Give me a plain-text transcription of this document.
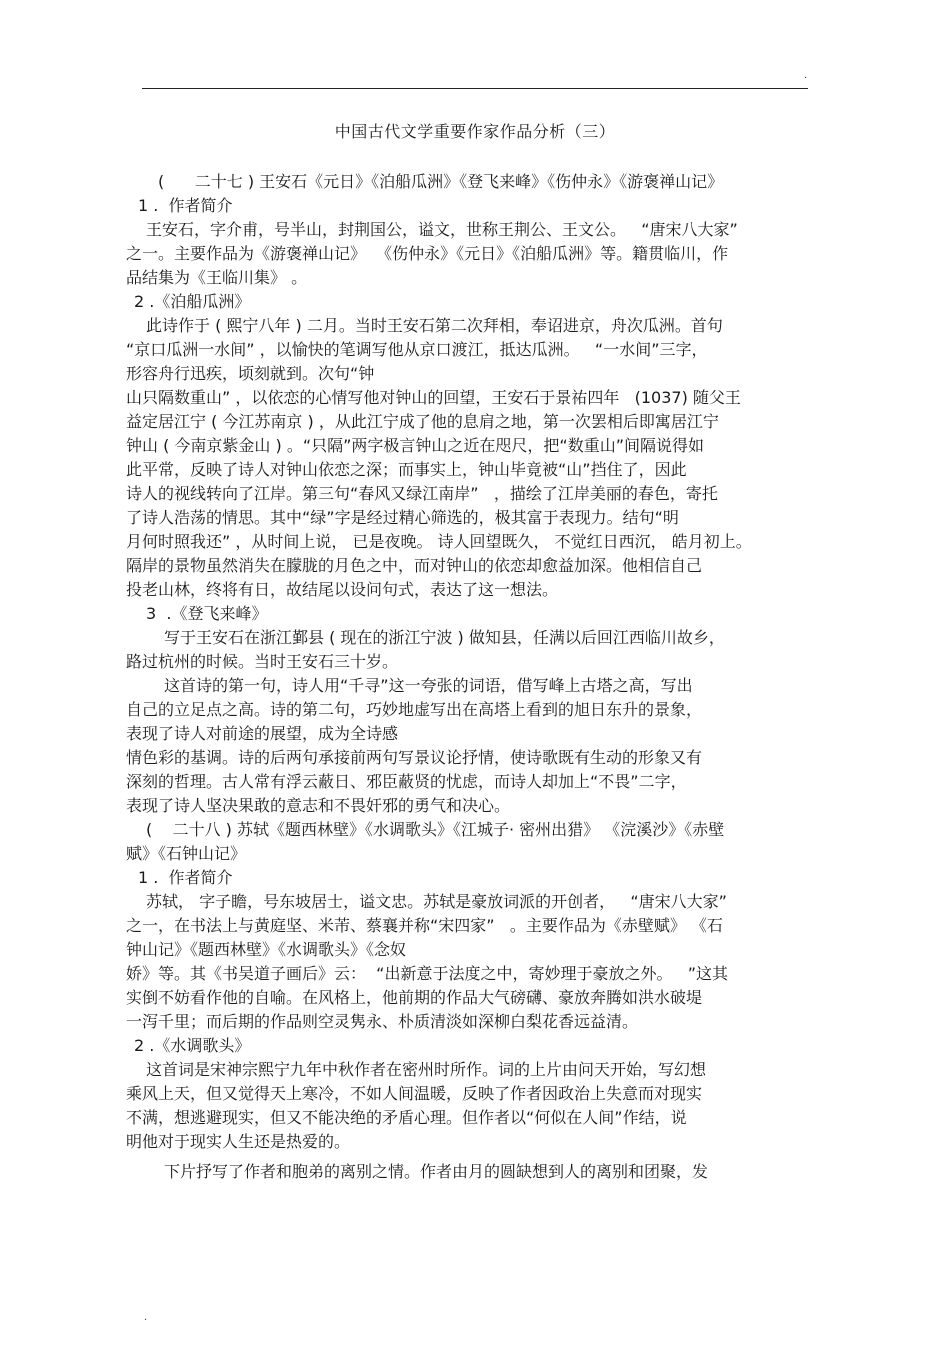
.
中国古代文学重要作家作品分析（三）
(      二十七 ) 王安石《元日》《泊船瓜洲》《登飞来峰》《伤仲永》《游褒禅山记》
1 .  作者简介
王安石，字介甫，号半山，封荆国公，谥文，世称王荆公、王文公。   “唐宋八大家”
之一。主要作品为《游褒禅山记》  《伤仲永》《元日》《泊船瓜洲》等。籍贯临川，作
品结集为《王临川集》 。
2 .《泊船瓜洲》
此诗作于 ( 熙宁八年 ) 二月。当时王安石第二次拜相，奉诏进京，舟次瓜洲。首句
“京口瓜洲一水间” ，以愉快的笔调写他从京口渡江，抵达瓜洲。   “一水间”三字，
形容舟行迅疾，顷刻就到。次句“钟
山只隔数重山” ，以依恋的心情写他对钟山的回望，王安石于景祐四年   (1037) 随父王
益定居江宁 ( 今江苏南京 ) ，从此江宁成了他的息肩之地，第一次罢相后即寓居江宁
钟山 ( 今南京紫金山 ) 。“只隔”两字极言钟山之近在咫尺，把“数重山”间隔说得如
此平常，反映了诗人对钟山依恋之深；而事实上，钟山毕竟被“山”挡住了，因此
诗人的视线转向了江岸。第三句“春风又绿江南岸”   ，描绘了江岸美丽的春色，寄托
了诗人浩荡的情思。其中“绿”字是经过精心筛选的，极其富于表现力。结句“明
月何时照我还” ，从时间上说， 已是夜晚。 诗人回望既久， 不觉红日西沉， 皓月初上。
隔岸的景物虽然消失在朦胧的月色之中，而对钟山的依恋却愈益加深。他相信自己
投老山林，终将有日，故结尾以设问句式，表达了这一想法。
3  .《登飞来峰》
写于王安石在浙江鄞县 ( 现在的浙江宁波 ) 做知县，任满以后回江西临川故乡，
路过杭州的时候。当时王安石三十岁。
这首诗的第一句，诗人用“千寻”这一夸张的词语，借写峰上古塔之高，写出
自己的立足点之高。诗的第二句，巧妙地虚写出在高塔上看到的旭日东升的景象，
表现了诗人对前途的展望，成为全诗感
情色彩的基调。诗的后两句承接前两句写景议论抒情，使诗歌既有生动的形象又有
深刻的哲理。古人常有浮云蔽日、邪臣蔽贤的忧虑，而诗人却加上“不畏”二字，
表现了诗人坚决果敢的意志和不畏奸邪的勇气和决心。
(    二十八 ) 苏轼《题西林壁》《水调歌头》《江城子· 密州出猎》 《浣溪沙》《赤壁
赋》《石钟山记》
1 .  作者简介
苏轼， 字子瞻，号东坡居士，谥文忠。苏轼是豪放词派的开创者，   “唐宋八大家”
之一，在书法上与黄庭坚、米芾、蔡襄并称“宋四家”   。主要作品为《赤壁赋》 《石
钟山记》《题西林壁》《水调歌头》《念奴
娇》等。其《书吴道子画后》云：  “出新意于法度之中，寄妙理于豪放之外。   ”这其
实倒不妨看作他的自喻。在风格上，他前期的作品大气磅礴、豪放奔腾如洪水破堤
一泻千里；而后期的作品则空灵隽永、朴质清淡如深柳白梨花香远益清。
2 .《水调歌头》
这首词是宋神宗熙宁九年中秋作者在密州时所作。词的上片由问天开始，写幻想
乘风上天，但又觉得天上寒冷，不如人间温暖，反映了作者因政治上失意而对现实
不满，想逃避现实，但又不能决绝的矛盾心理。但作者以“何似在人间”作结，说
明他对于现实人生还是热爱的。
下片抒写了作者和胞弟的离别之情。作者由月的圆缺想到人的离别和团聚，发
.
